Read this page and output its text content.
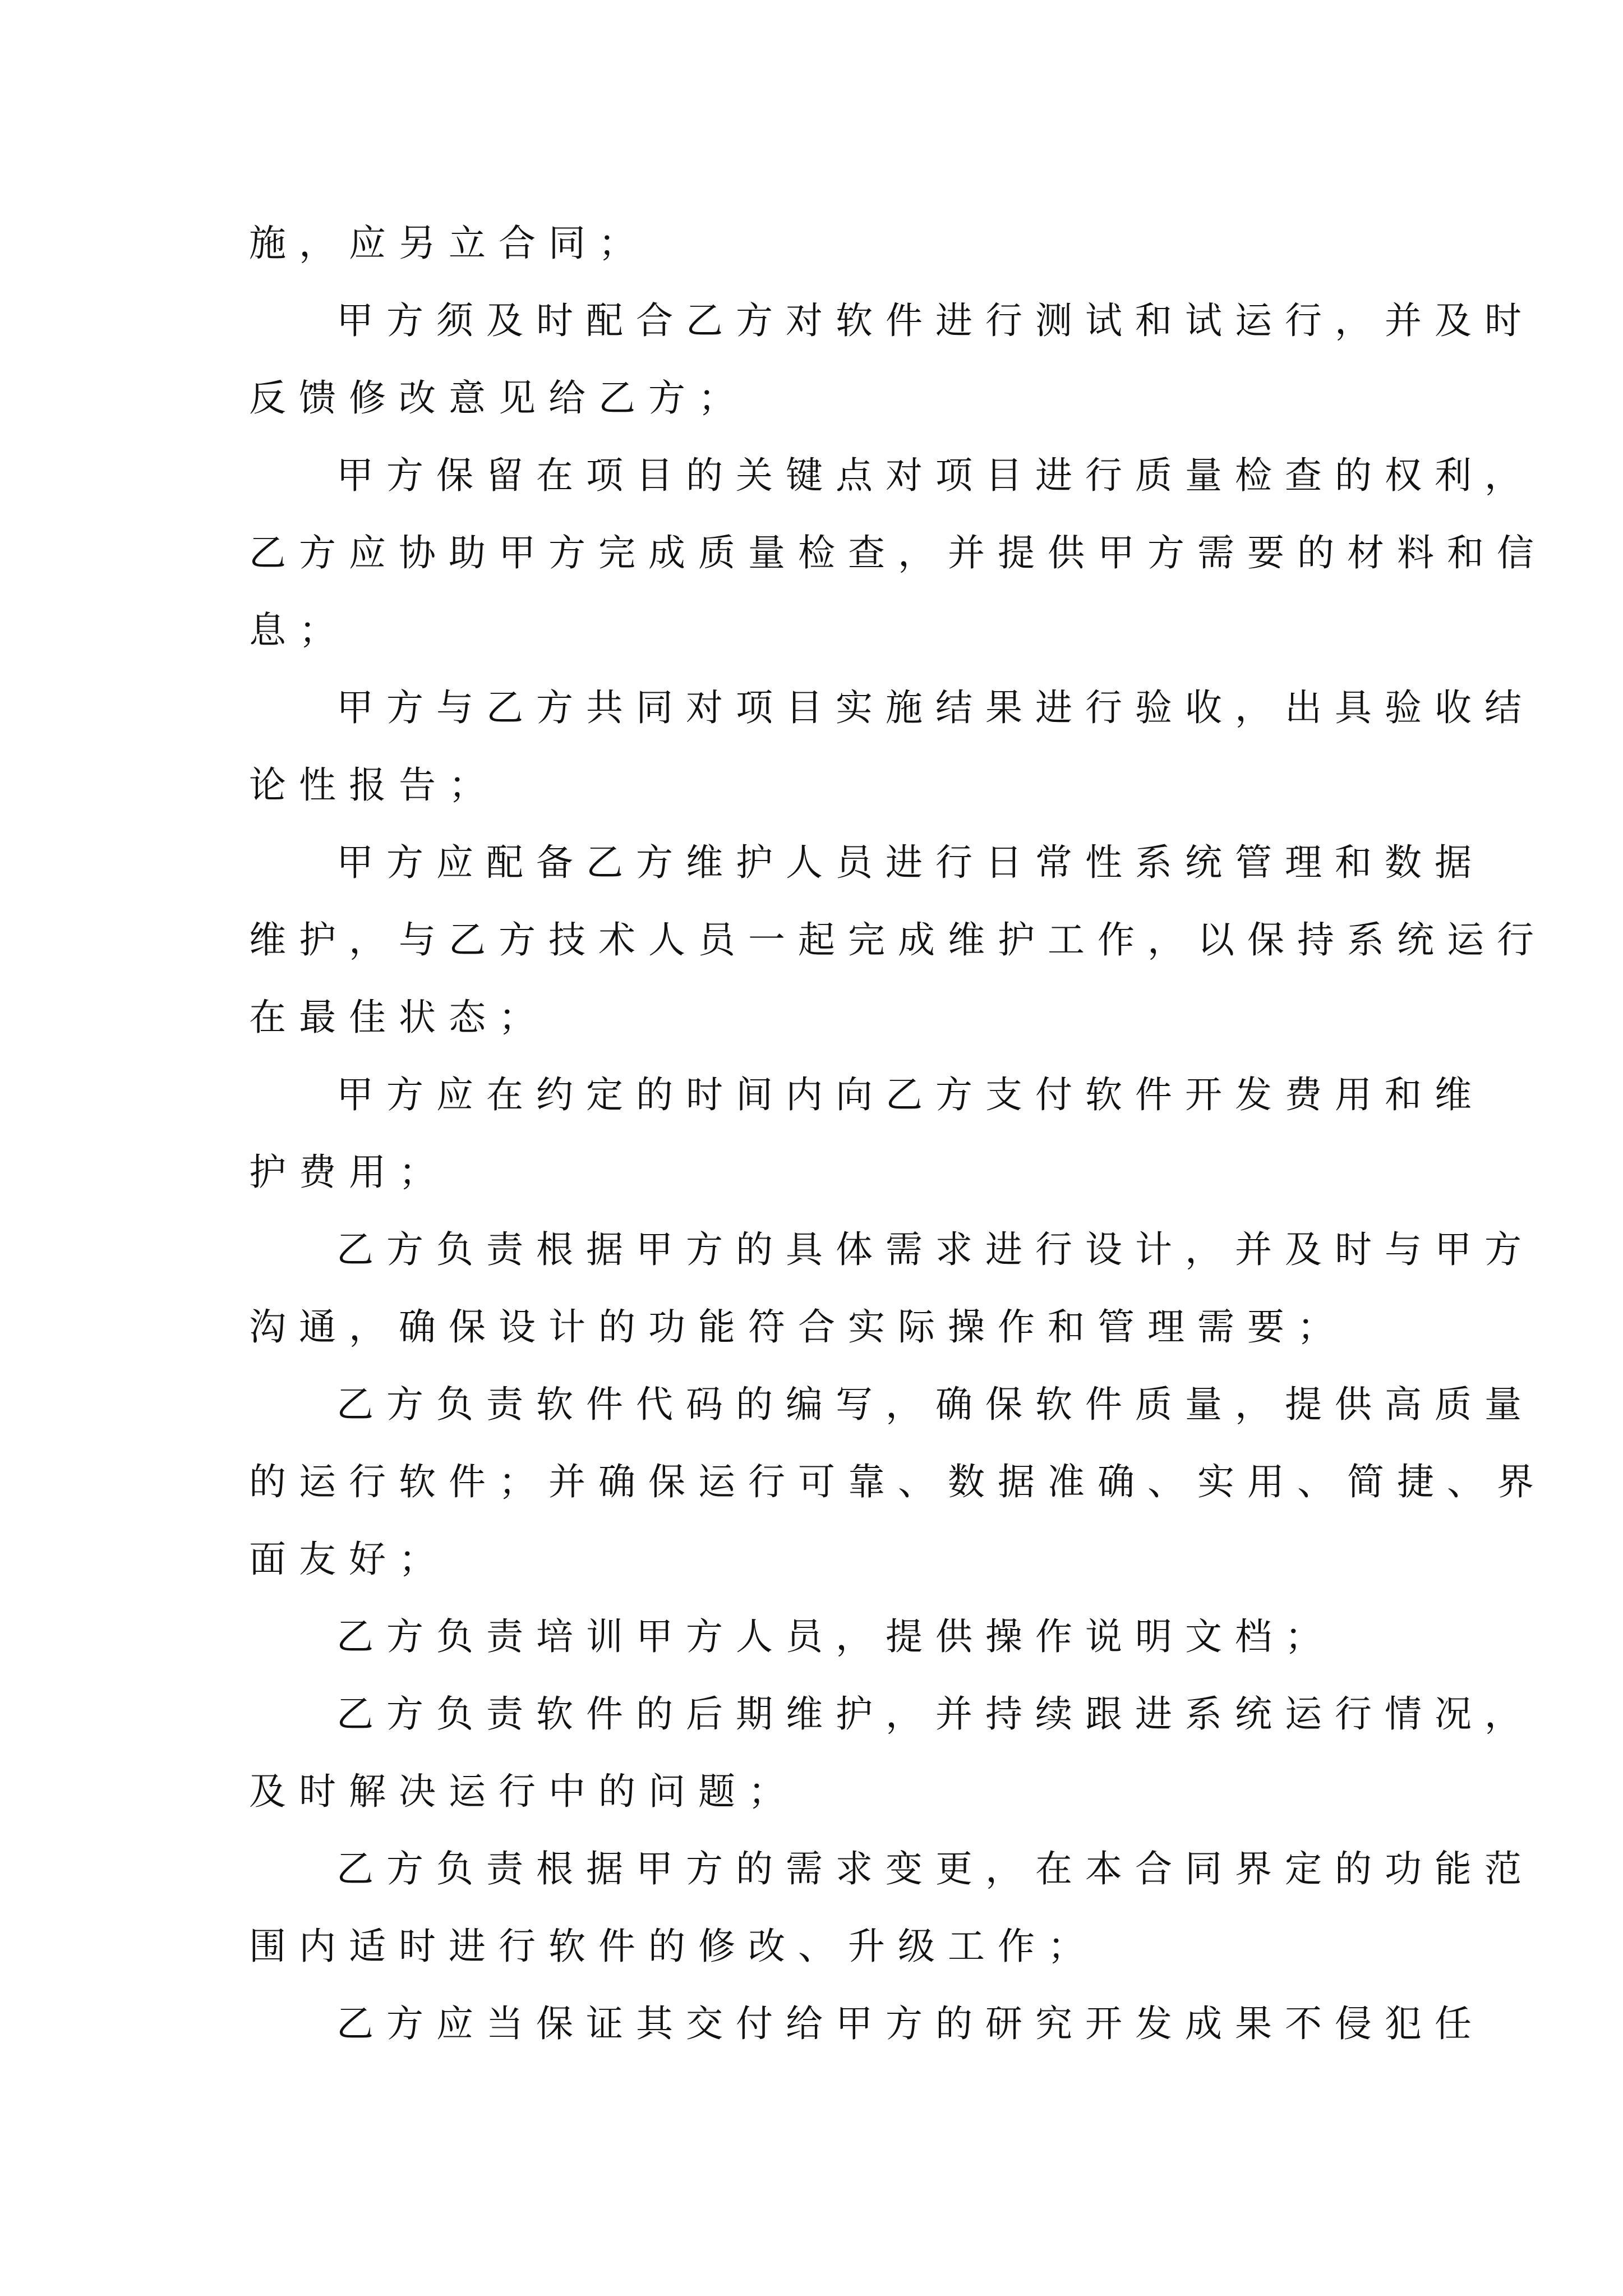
施，应另立合同；
甲方须及时配合乙方对软件进行测试和试运行，并及时
反馈修改意见给乙方；
甲方保留在项目的关键点对项目进行质量检查的权利，
乙方应协助甲方完成质量检查，并提供甲方需要的材料和信
息；
甲方与乙方共同对项目实施结果进行验收，出具验收结
论性报告；
甲方应配备乙方维护人员进行日常性系统管理和数据
维护，与乙方技术人员一起完成维护工作，以保持系统运行
在最佳状态；
甲方应在约定的时间内向乙方支付软件开发费用和维
护费用；
乙方负责根据甲方的具体需求进行设计，并及时与甲方
沟通，确保设计的功能符合实际操作和管理需要；
乙方负责软件代码的编写，确保软件质量，提供高质量
的运行软件；并确保运行可靠、数据准确、实用、简捷、界
面友好；
乙方负责培训甲方人员，提供操作说明文档；
乙方负责软件的后期维护，并持续跟进系统运行情况，
及时解决运行中的问题；
乙方负责根据甲方的需求变更，在本合同界定的功能范
围内适时进行软件的修改、升级工作；
乙方应当保证其交付给甲方的研究开发成果不侵犯任
